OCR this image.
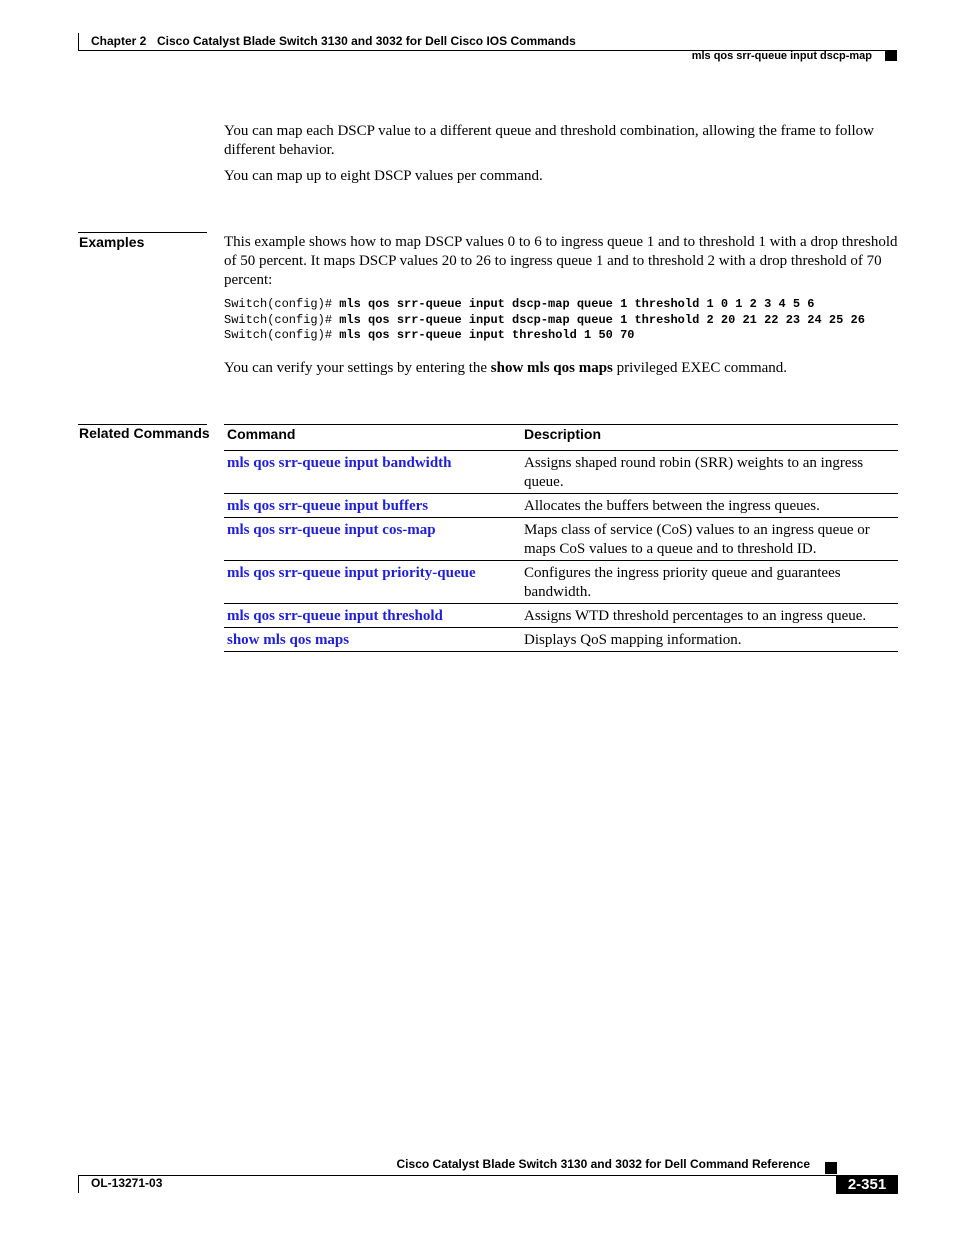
Chapter 2 Cisco Catalyst Blade Switch 3130 and 3032 for Dell Cisco IOS Commands
mls qos srr-queue input dscp-map

You can map each DSCP value to a different queue and threshold combination, allowing the frame to follow different behavior.

You can map up to eight DSCP values per command.

Examples	This example shows how to map DSCP values 0 to 6 to ingress queue 1 and to threshold 1 with a drop threshold of 50 percent. It maps DSCP values 20 to 26 to ingress queue 1 and to threshold 2 with a drop threshold of 70 percent:

Switch(config)# mls qos srr-queue input dscp-map queue 1 threshold 1 0 1 2 3 4 5 6
Switch(config)# mls qos srr-queue input dscp-map queue 1 threshold 2 20 21 22 23 24 25 26
Switch(config)# mls qos srr-queue input threshold 1 50 70

You can verify your settings by entering the show mls qos maps privileged EXEC command.

Related Commands Command	Description
mls qos srr-queue input bandwidth	Assigns shaped round robin (SRR) weights to an ingress queue.
mls qos srr-queue input buffers	Allocates the buffers between the ingress queues.
mls qos srr-queue input cos-map	Maps class of service (CoS) values to an ingress queue or maps CoS values to a queue and to threshold ID.
mls qos srr-queue input priority-queue	Configures the ingress priority queue and guarantees bandwidth.
mls qos srr-queue input threshold	Assigns WTD threshold percentages to an ingress queue.
show mls qos maps	Displays QoS mapping information.
Cisco Catalyst Blade Switch 3130 and 3032 for Dell Command Reference
OL-13271-03	2-351
